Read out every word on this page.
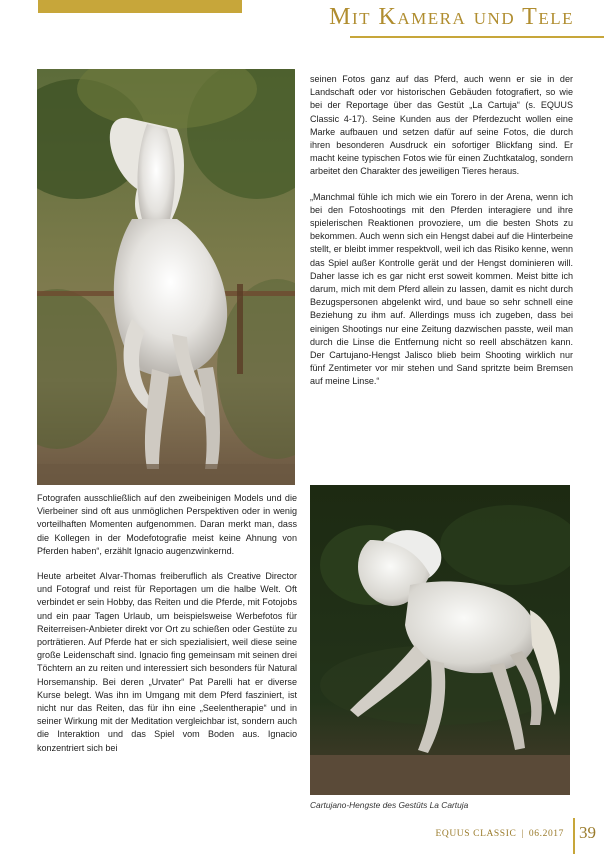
Mit Kamera und Tele

seinen Fotos ganz auf das Pferd, auch wenn er sie in der Landschaft oder vor historischen Gebäuden fotografiert, so wie bei der Reportage über das Gestüt „La Cartuja“ (s. EQUUS Classic 4-17). Seine Kunden aus der Pferdezucht wollen eine Marke aufbauen und setzen dafür auf seine Fotos, die durch ihren besonderen Ausdruck ein sofortiger Blickfang sind. Er macht keine typischen Fotos wie für einen Zuchtkatalog, sondern arbeitet den Charakter des jeweiligen Tieres heraus.

„Manchmal fühle ich mich wie ein Torero in der Arena, wenn ich bei den Fotoshootings mit den Pferden interagiere und ihre spielerischen Reaktionen provoziere, um die besten Shots zu bekommen. Auch wenn sich ein Hengst dabei auf die Hinterbeine stellt, er bleibt immer respektvoll, weil ich das Risiko kenne, wenn das Spiel außer Kontrolle gerät und der Hengst dominieren will. Daher lasse ich es gar nicht erst soweit kommen. Meist bitte ich darum, mich mit dem Pferd allein zu lassen, damit es nicht durch Bezugspersonen abgelenkt wird, und baue so sehr schnell eine Beziehung zu ihm auf. Allerdings muss ich zugeben, dass bei einigen Shootings nur eine Zeitung dazwischen passte, weil man durch die Linse die Entfernung nicht so reell abschätzen kann. Der Cartujano-Hengst Jalisco blieb beim Shooting wirklich nur fünf Zentimeter vor mir stehen und Sand spritzte beim Bremsen auf meine Linse.“

Fotografen ausschließlich auf den zweibeinigen Models und die Vierbeiner sind oft aus unmöglichen Perspektiven oder in wenig vorteilhaften Momenten aufgenommen. Daran merkt man, dass die Kollegen in der Modefotografie meist keine Ahnung von Pferden haben“, erzählt Ignacio augenzwinkernd.

Heute arbeitet Alvar-Thomas freiberuflich als Creative Director und Fotograf und reist für Reportagen um die halbe Welt. Oft verbindet er sein Hobby, das Reiten und die Pferde, mit Fotojobs und ein paar Tagen Urlaub, um beispielsweise Werbefotos für Reiterreisen-Anbieter direkt vor Ort zu schießen oder Gestüte zu porträtieren. Auf Pferde hat er sich spezialisiert, weil diese seine große Leidenschaft sind. Ignacio fing gemeinsam mit seinen drei Töchtern an zu reiten und interessiert sich besonders für Natural Horsemanship. Bei deren „Urvater“ Pat Parelli hat er diverse Kurse belegt. Was ihn im Umgang mit dem Pferd fasziniert, ist nicht nur das Reiten, das für ihn eine „Seelentherapie“ und in seiner Wirkung mit der Meditation vergleichbar ist, sondern auch die Interaktion und das Spiel vom Boden aus. Ignacio konzentriert sich bei

Cartujano-Hengste des Gestüts La Cartuja
EQUUS CLASSIC | 06.2017 39
